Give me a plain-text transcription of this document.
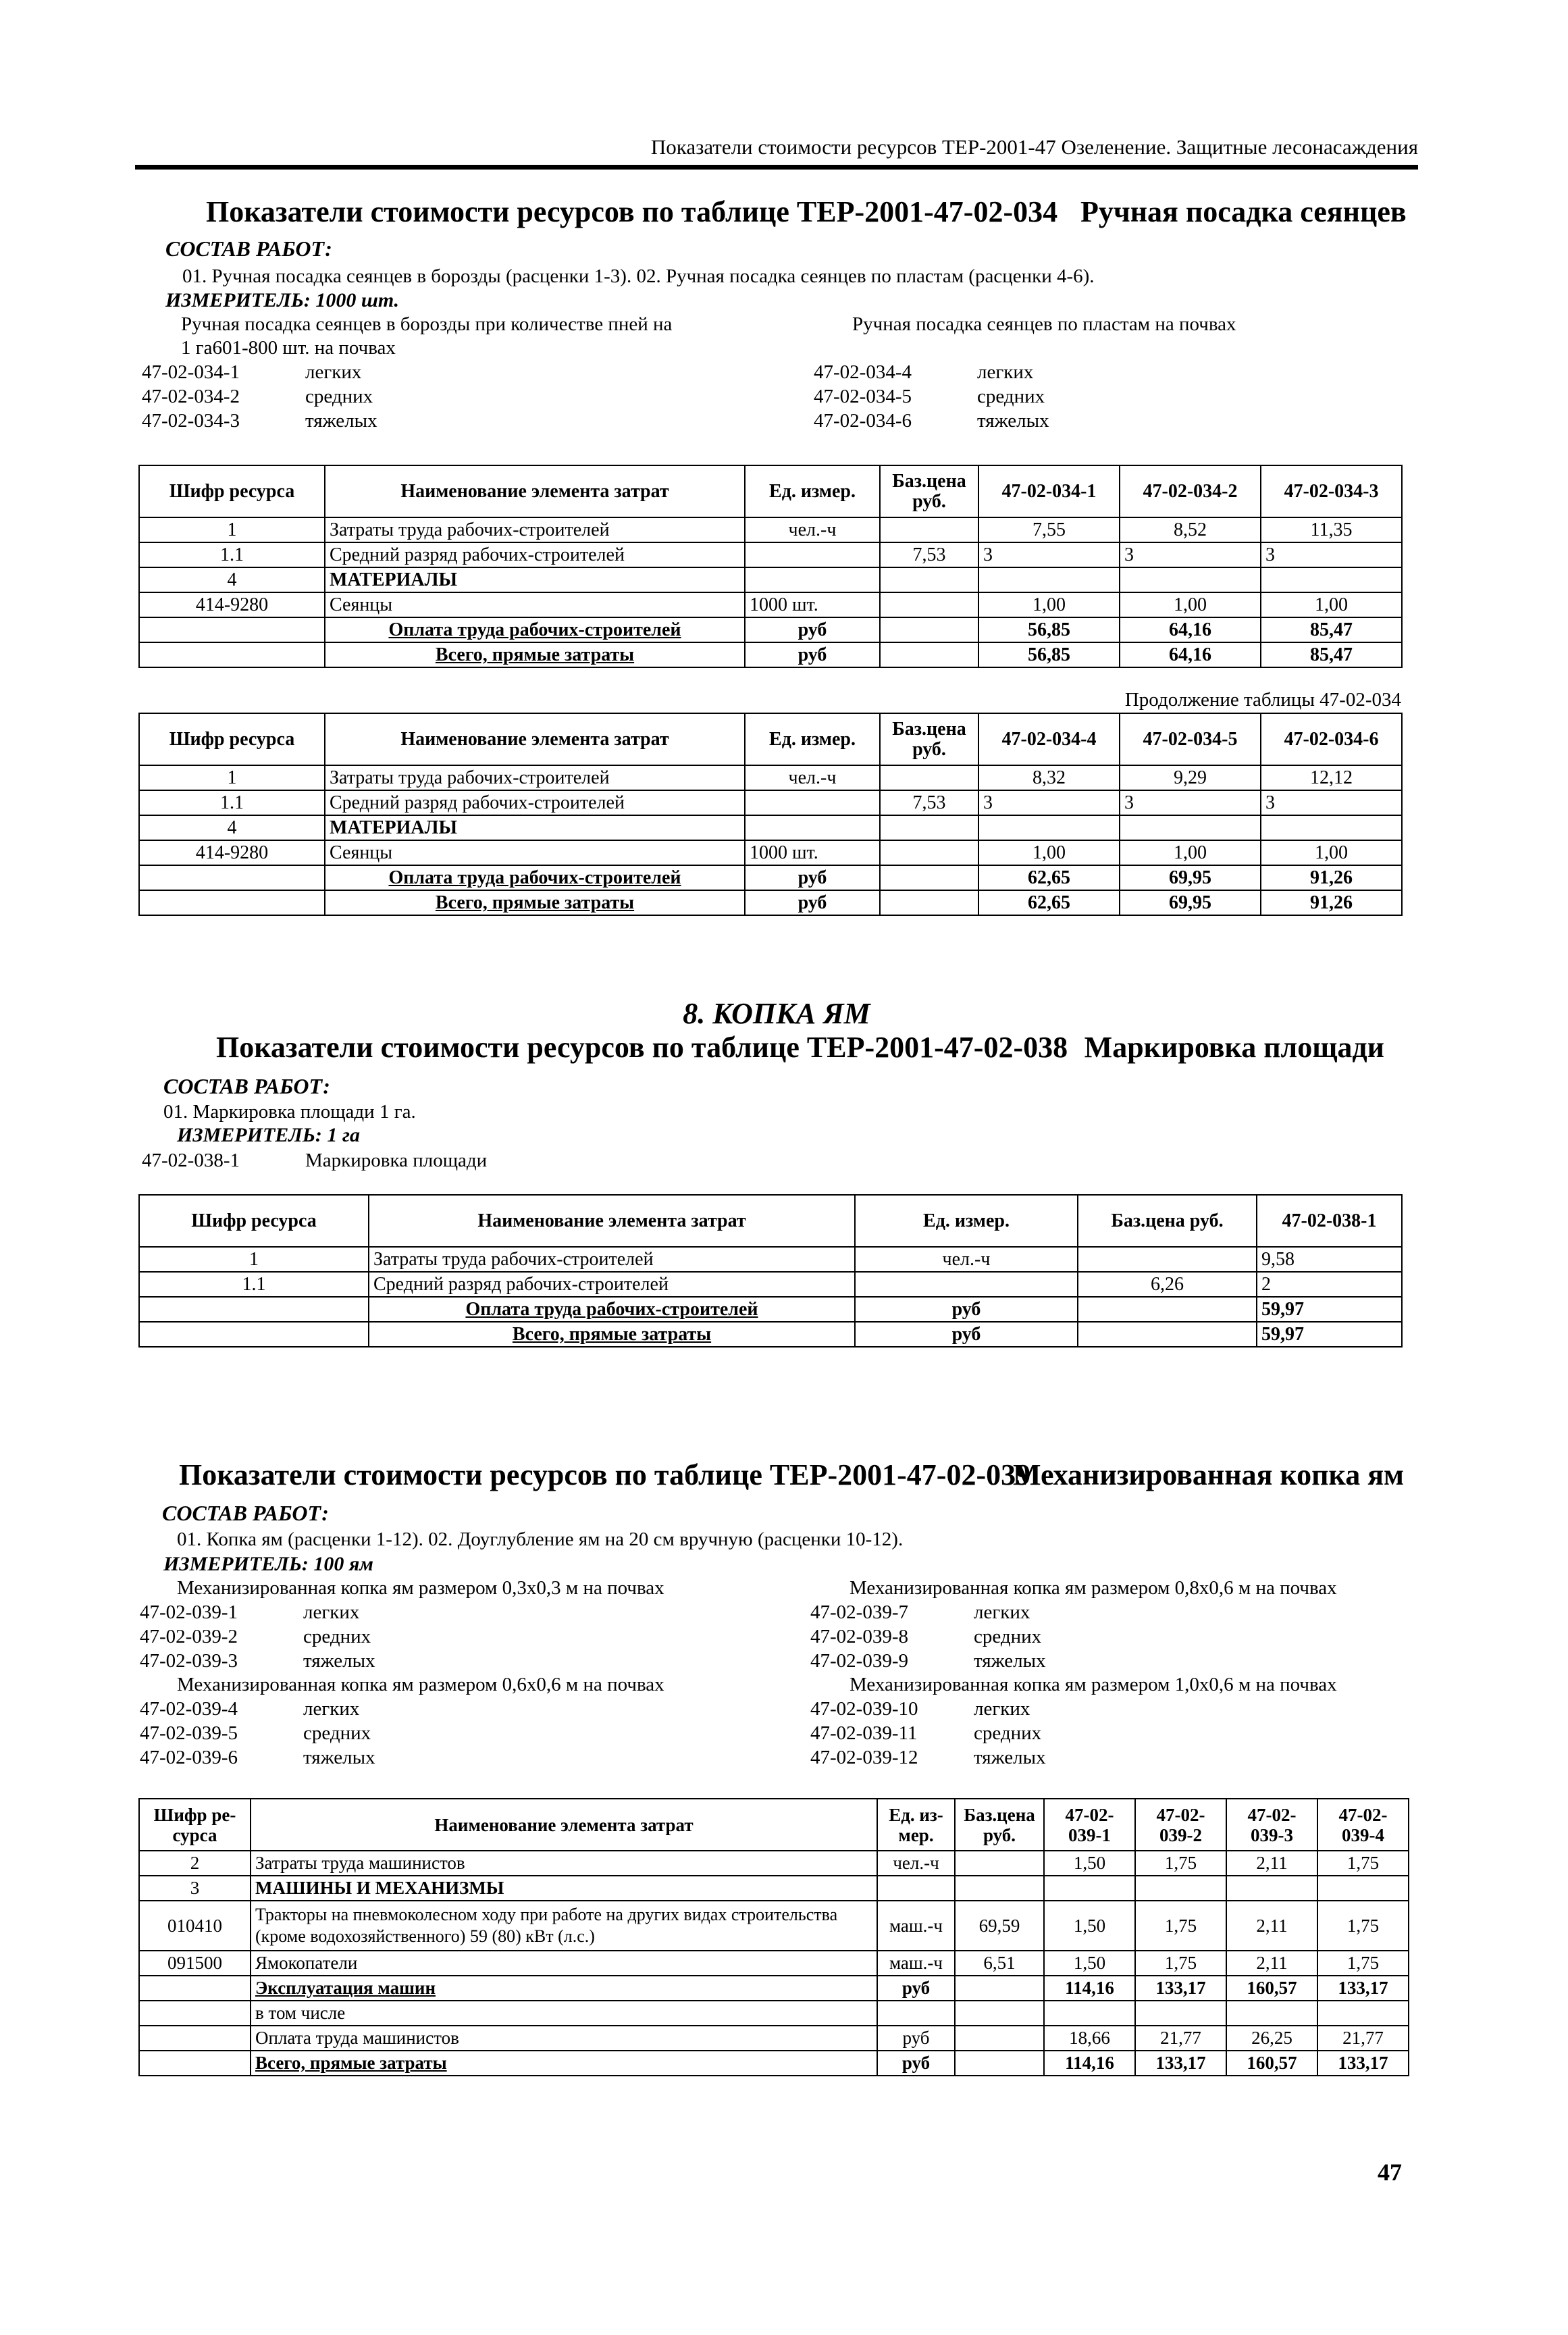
Показатели стоимости ресурсов ТЕР-2001-47 Озеленение. Защитные лесонасаждения
Показатели стоимости ресурсов по таблице ТЕР-2001-47-02-034 Ручная посадка сеянцев
СОСТАВ РАБОТ:
01. Ручная посадка сеянцев в борозды (расценки 1-3). 02. Ручная посадка сеянцев по пластам (расценки 4-6).
ИЗМЕРИТЕЛЬ: 1000 шт.
Ручная посадка сеянцев в борозды при количестве пней на
1 га601-800 шт. на почвах
Ручная посадка сеянцев по пластам на почвах
47-02-034-1	легких
47-02-034-2	средних
47-02-034-3	тяжелых
47-02-034-4	легких
47-02-034-5	средних
47-02-034-6	тяжелых
Шифр ресурса	Наименование элемента затрат	Ед. измер.	Баз.цена руб.	47-02-034-1	47-02-034-2	47-02-034-3
1	Затраты труда рабочих-строителей	чел.-ч		7,55	8,52	11,35
1.1	Средний разряд рабочих-строителей		7,53	3	3	3
4	МАТЕРИАЛЫ					
414-9280	Сеянцы	1000 шт.		1,00	1,00	1,00
	Оплата труда рабочих-строителей	руб		56,85	64,16	85,47
	Всего, прямые затраты	руб		56,85	64,16	85,47
Продолжение таблицы 47-02-034
Шифр ресурса	Наименование элемента затрат	Ед. измер.	Баз.цена руб.	47-02-034-4	47-02-034-5	47-02-034-6
1	Затраты труда рабочих-строителей	чел.-ч		8,32	9,29	12,12
1.1	Средний разряд рабочих-строителей		7,53	3	3	3
4	МАТЕРИАЛЫ					
414-9280	Сеянцы	1000 шт.		1,00	1,00	1,00
	Оплата труда рабочих-строителей	руб		62,65	69,95	91,26
	Всего, прямые затраты	руб		62,65	69,95	91,26
8. КОПКА ЯМ
Показатели стоимости ресурсов по таблице ТЕР-2001-47-02-038 Маркировка площади
СОСТАВ РАБОТ:
01. Маркировка площади 1 га.
ИЗМЕРИТЕЛЬ: 1 га
47-02-038-1	Маркировка площади
Шифр ресурса	Наименование элемента затрат	Ед. измер.	Баз.цена руб.	47-02-038-1
1	Затраты труда рабочих-строителей	чел.-ч		9,58
1.1	Средний разряд рабочих-строителей		6,26	2
	Оплата труда рабочих-строителей	руб		59,97
	Всего, прямые затраты	руб		59,97
Показатели стоимости ресурсов по таблице ТЕР-2001-47-02-039
Механизированная копка ям
СОСТАВ РАБОТ:
01. Копка ям (расценки 1-12). 02. Доуглубление ям на 20 см вручную (расценки 10-12).
ИЗМЕРИТЕЛЬ: 100 ям
Механизированная копка ям размером 0,3х0,3 м на почвах
47-02-039-1	легких
47-02-039-2	средних
47-02-039-3	тяжелых
Механизированная копка ям размером 0,6х0,6 м на почвах
47-02-039-4	легких
47-02-039-5	средних
47-02-039-6	тяжелых
Механизированная копка ям размером 0,8х0,6 м на почвах
47-02-039-7	легких
47-02-039-8	средних
47-02-039-9	тяжелых
Механизированная копка ям размером 1,0х0,6 м на почвах
47-02-039-10	легких
47-02-039-11	средних
47-02-039-12	тяжелых
Шифр ре-сурса	Наименование элемента затрат	Ед. из-мер.	Баз.цена руб.	47-02-039-1	47-02-039-2	47-02-039-3	47-02-039-4
2	Затраты труда машинистов	чел.-ч		1,50	1,75	2,11	1,75
3	МАШИНЫ И МЕХАНИЗМЫ						
010410	Тракторы на пневмоколесном ходу при работе на других видах строительства (кроме водохозяйственного) 59 (80) кВт (л.с.)	маш.-ч	69,59	1,50	1,75	2,11	1,75
091500	Ямокопатели	маш.-ч	6,51	1,50	1,75	2,11	1,75
	Эксплуатация машин	руб		114,16	133,17	160,57	133,17
	в том числе						
	Оплата труда машинистов	руб		18,66	21,77	26,25	21,77
	Всего, прямые затраты	руб		114,16	133,17	160,57	133,17
47
